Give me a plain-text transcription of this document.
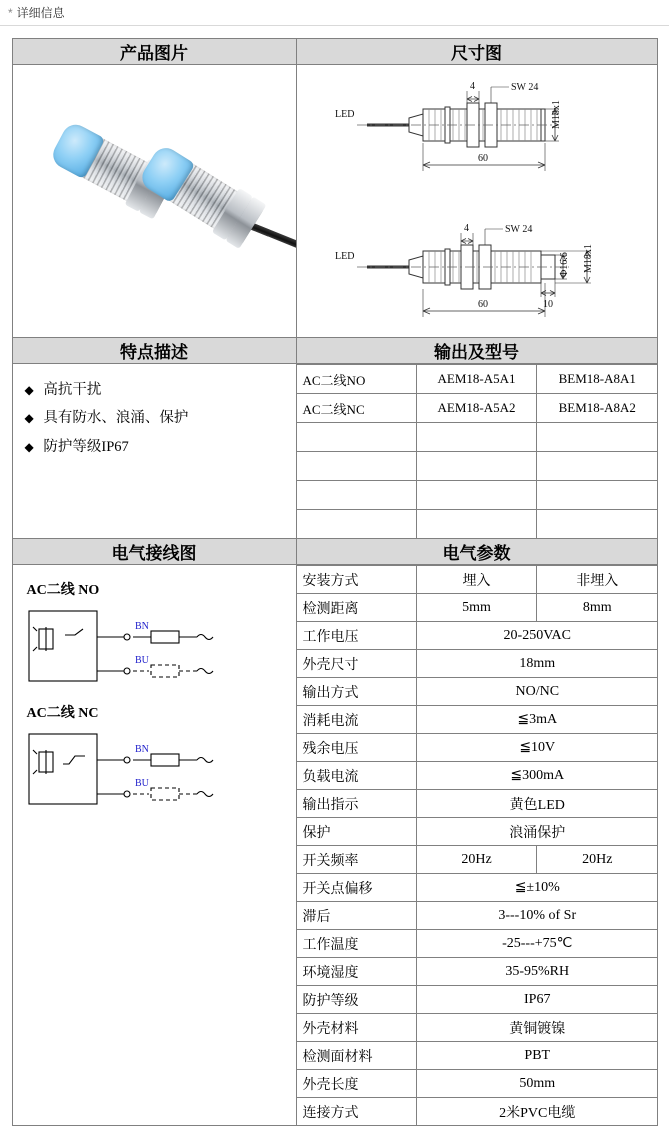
* 详细信息
产品图片	尺寸图

LED
SW 24
4
M18x1
60
LED
SW 24
4
Φ16.6 M18x1
10
60

特点描述	输出及型号

◆ 高抗干扰
◆ 具有防水、浪涌、保护
◆ 防护等级IP67

AC二线NO	AEM18-A5A1	BEM18-A8A1
AC二线NC	AEM18-A5A2	BEM18-A8A2

电气接线图	电气参数

AC二线 NO
BN
BU
AC二线 NC
BN
BU

安装方式	埋入	非埋入
检测距离	5mm	8mm
工作电压	20-250VAC
外壳尺寸	18mm
输出方式	NO/NC
消耗电流	≦3mA
残余电压	≦10V
负载电流	≦300mA
输出指示	黄色LED
保护	浪涌保护
开关频率	20Hz	20Hz
开关点偏移	≦±10%
滞后	3---10% of Sr
工作温度	-25---+75℃
环境湿度	35-95%RH
防护等级	IP67
外壳材料	黄铜镀镍
检测面材料	PBT
外壳长度	50mm
连接方式	2米PVC电缆
